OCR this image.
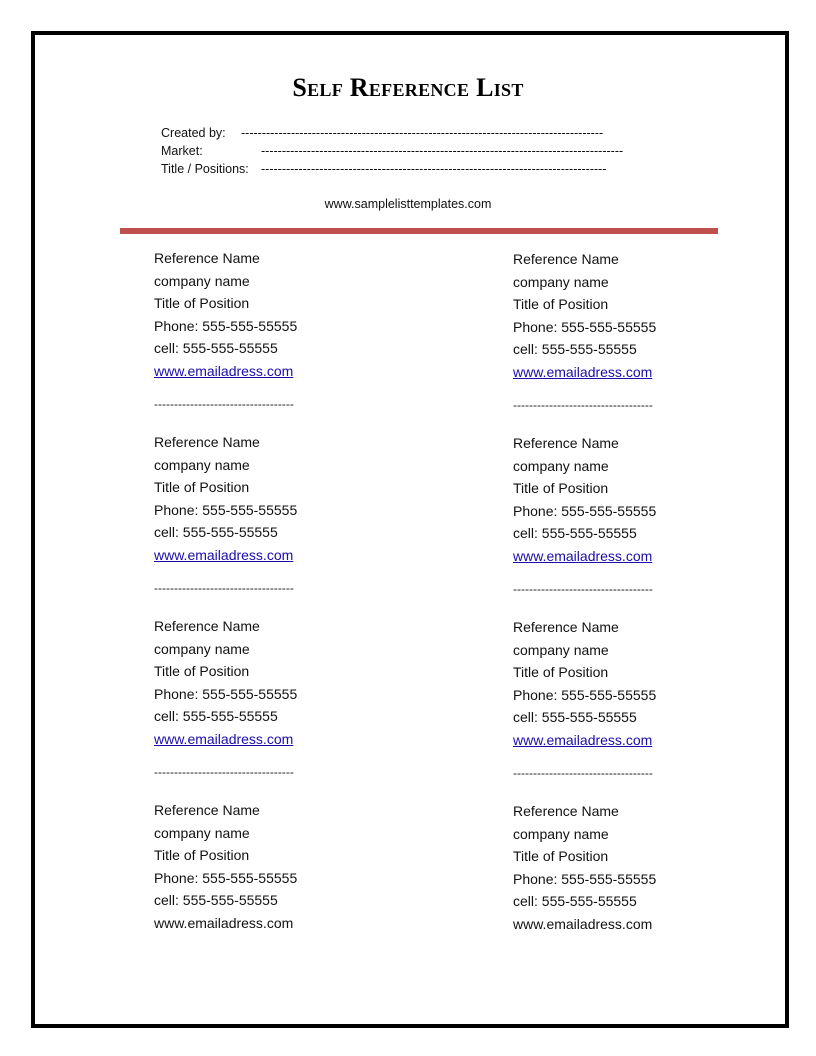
Self Reference List
Created by: ---------------------------------------------------------------------------------------
Market:	---------------------------------------------------------------------------------------
Title / Positions: -----------------------------------------------------------------------------------
www.samplelisttemplates.com
Reference Name
company name
Title of Position
Phone: 555-555-55555
cell: 555-555-55555
www.emailadress.com
-----------------------------------
Reference Name
company name
Title of Position
Phone: 555-555-55555
cell: 555-555-55555
www.emailadress.com
-----------------------------------
Reference Name
company name
Title of Position
Phone: 555-555-55555
cell: 555-555-55555
www.emailadress.com
-----------------------------------
Reference Name
company name
Title of Position
Phone: 555-555-55555
cell: 555-555-55555
www.emailadress.com
Reference Name
company name
Title of Position
Phone: 555-555-55555
cell: 555-555-55555
www.emailadress.com
-----------------------------------
Reference Name
company name
Title of Position
Phone: 555-555-55555
cell: 555-555-55555
www.emailadress.com
-----------------------------------
Reference Name
company name
Title of Position
Phone: 555-555-55555
cell: 555-555-55555
www.emailadress.com
-----------------------------------
Reference Name
company name
Title of Position
Phone: 555-555-55555
cell: 555-555-55555
www.emailadress.com
